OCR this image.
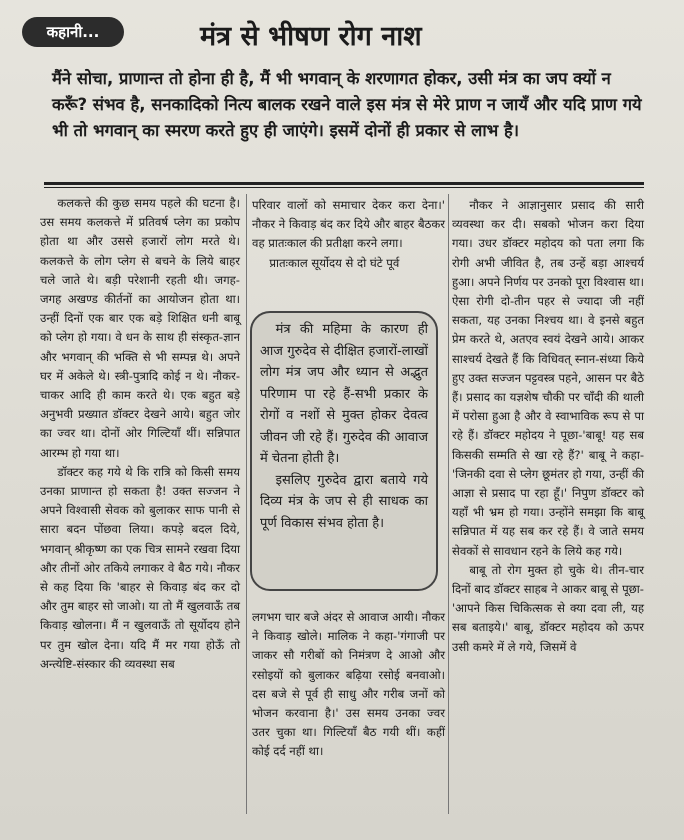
कहानी...	मंत्र से भीषण रोग नाश

मैंने सोचा, प्राणान्त तो होना ही है, मैं भी भगवान् के शरणागत होकर, उसी मंत्र का जप क्यों न करूँ? संभव है, सनकादिको नित्य बालक रखने वाले इस मंत्र से मेरे प्राण न जायँ और यदि प्राण गये भी तो भगवान् का स्मरण करते हुए ही जाएंगे। इसमें दोनों ही प्रकार से लाभ है।

कलकत्ते की कुछ समय पहले की घटना है। उस समय कलकत्ते में प्रतिवर्ष प्लेग का प्रकोप होता था और उससे हजारों लोग मरते थे। कलकत्ते के लोग प्लेग से बचने के लिये बाहर चले जाते थे। बड़ी परेशानी रहती थी। जगह-जगह अखण्ड कीर्तनों का आयोजन होता था। उन्हीं दिनों एक बार एक बड़े शिक्षित धनी बाबू को प्लेग हो गया। वे धन के साथ ही संस्कृत-ज्ञान और भगवान् की भक्ति से भी सम्पन्न थे। अपने घर में अकेले थे। स्त्री-पुत्रादि कोई न थे। नौकर-चाकर आदि ही काम करते थे। एक बहुत बड़े अनुभवी प्रख्यात डॉक्टर देखने आये। बहुत जोर का ज्वर था। दोनों ओर गिल्टियाँ थीं। सन्निपात आरम्भ हो गया था।

डॉक्टर कह गये थे कि रात्रि को किसी समय उनका प्राणान्त हो सकता है! उक्त सज्जन ने अपने विश्वासी सेवक को बुलाकर साफ पानी से सारा बदन पोंछवा लिया। कपड़े बदल दिये, भगवान् श्रीकृष्ण का एक चित्र सामने रखवा दिया और तीनों ओर तकिये लगाकर वे बैठ गये। नौकर से कह दिया कि 'बाहर से किवाड़ बंद कर दो और तुम बाहर सो जाओ। या तो मैं खुलवाऊँ तब किवाड़ खोलना। मैं न खुलवाऊँ तो सूर्योदय होने पर तुम खोल देना। यदि मैं मर गया होऊँ तो अन्त्येष्टि-संस्कार की व्यवस्था सब

परिवार वालों को समाचार देकर करा देना।' नौकर ने किवाड़ बंद कर दिये और बाहर बैठकर वह प्रातःकाल की प्रतीक्षा करने लगा।

प्रातःकाल सूर्योदय से दो घंटे पूर्व

मंत्र की महिमा के कारण ही आज गुरुदेव से दीक्षित हजारों-लाखों लोग मंत्र जप और ध्यान से अद्भुत परिणाम पा रहे हैं-सभी प्रकार के रोगों व नशों से मुक्त होकर देवत्व जीवन जी रहे हैं। गुरुदेव की आवाज में चेतना होती है।

इसलिए गुरुदेव द्वारा बताये गये दिव्य मंत्र के जप से ही साधक का पूर्ण विकास संभव होता है।

लगभग चार बजे अंदर से आवाज आयी। नौकर ने किवाड़ खोले। मालिक ने कहा-'गंगाजी पर जाकर सौ गरीबों को निमंत्रण दे आओ और रसोइयों को बुलाकर बढ़िया रसोई बनवाओ। दस बजे से पूर्व ही साधु और गरीब जनों को भोजन करवाना है।' उस समय उनका ज्वर उतर चुका था। गिल्टियाँ बैठ गयी थीं। कहीं कोई दर्द नहीं था।

नौकर ने आज्ञानुसार प्रसाद की सारी व्यवस्था कर दी। सबको भोजन करा दिया गया। उधर डॉक्टर महोदय को पता लगा कि रोगी अभी जीवित है, तब उन्हें बड़ा आश्चर्य हुआ। अपने निर्णय पर उनको पूरा विश्वास था। ऐसा रोगी दो-तीन पहर से ज्यादा जी नहीं सकता, यह उनका निश्चय था। वे इनसे बहुत प्रेम करते थे, अतएव स्वयं देखने आये। आकर साश्चर्य देखते हैं कि विधिवत् स्नान-संध्या किये हुए उक्त सज्जन पट्टवस्त्र पहने, आसन पर बैठे हैं। प्रसाद का यज्ञशेष चौकी पर चाँदी की थाली में परोसा हुआ है और वे स्वाभाविक रूप से पा रहे हैं। डॉक्टर महोदय ने पूछा-'बाबू! यह सब किसकी सम्मति से खा रहे हैं?' बाबू ने कहा-'जिनकी दवा से प्लेग छूमंतर हो गया, उन्हीं की आज्ञा से प्रसाद पा रहा हूँ।' निपुण डॉक्टर को यहाँ भी भ्रम हो गया। उन्होंने समझा कि बाबू सन्निपात में यह सब कर रहे हैं। वे जाते समय सेवकों से सावधान रहने के लिये कह गये।

बाबू तो रोग मुक्त हो चुके थे। तीन-चार दिनों बाद डॉक्टर साहब ने आकर बाबू से पूछा-'आपने किस चिकित्सक से क्या दवा ली, यह सब बताइये।' बाबू, डॉक्टर महोदय को ऊपर उसी कमरे में ले गये, जिसमें वे
